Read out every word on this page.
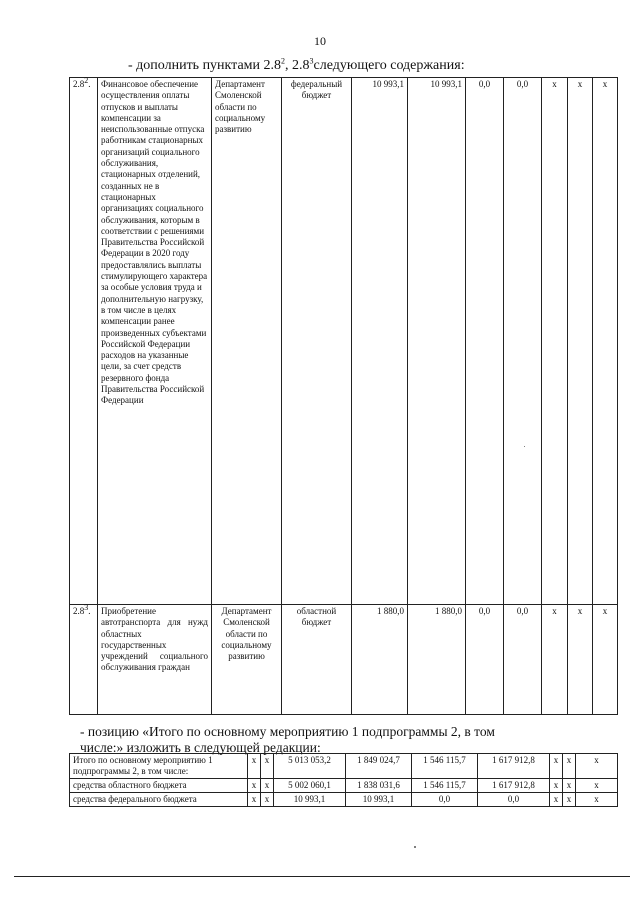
10
- дополнить пунктами $2.8^2$, $2.8^3следующего$ содержания:
$2.8^2$.	Финансовое обеспечение осуществления оплаты отпусков и выплаты компенсации за неиспользованные отпуска работникам стационарных организаций социального обслуживания, стационарных отделений, созданных не в стационарных организациях социального обслуживания, которым в соответствии с решениями Правительства Российской Федерации в 2020 году предоставлялись выплаты стимулирующего характера за особые условия труда и дополнительную нагрузку, в том числе в целях компенсации ранее произведенных субъектами Российской Федерации расходов на указанные цели, за счет средств резервного фонда Правительства Российской Федерации	Департамент Смоленской области по социальному развитию	федеральный бюджет	10 993,1	10 993,1	0,0	0,0	х	х	х
$2.8^3$.	Приобретение автотранспорта для нужд областных государственных учреждений социального обслуживания граждан	Департамент Смоленской области по социальному развитию	областной бюджет	1 880,0	1 880,0	0,0	0,0	х	х	х
- позицию «Итого по основному мероприятию 1 подпрограммы 2, в том
числе:» изложить в следующей редакции:
Итого по основному мероприятию 1 подпрограммы 2, в том числе:	х	х	5 013 053,2	1 849 024,7	1 546 115,7	1 617 912,8	х	х	х
средства областного бюджета	х	х	5 002 060,1	1 838 031,6	1 546 115,7	1 617 912,8	х	х	х
средства федерального бюджета	х	х	10 993,1	10 993,1	0,0	0,0	х	х	х
